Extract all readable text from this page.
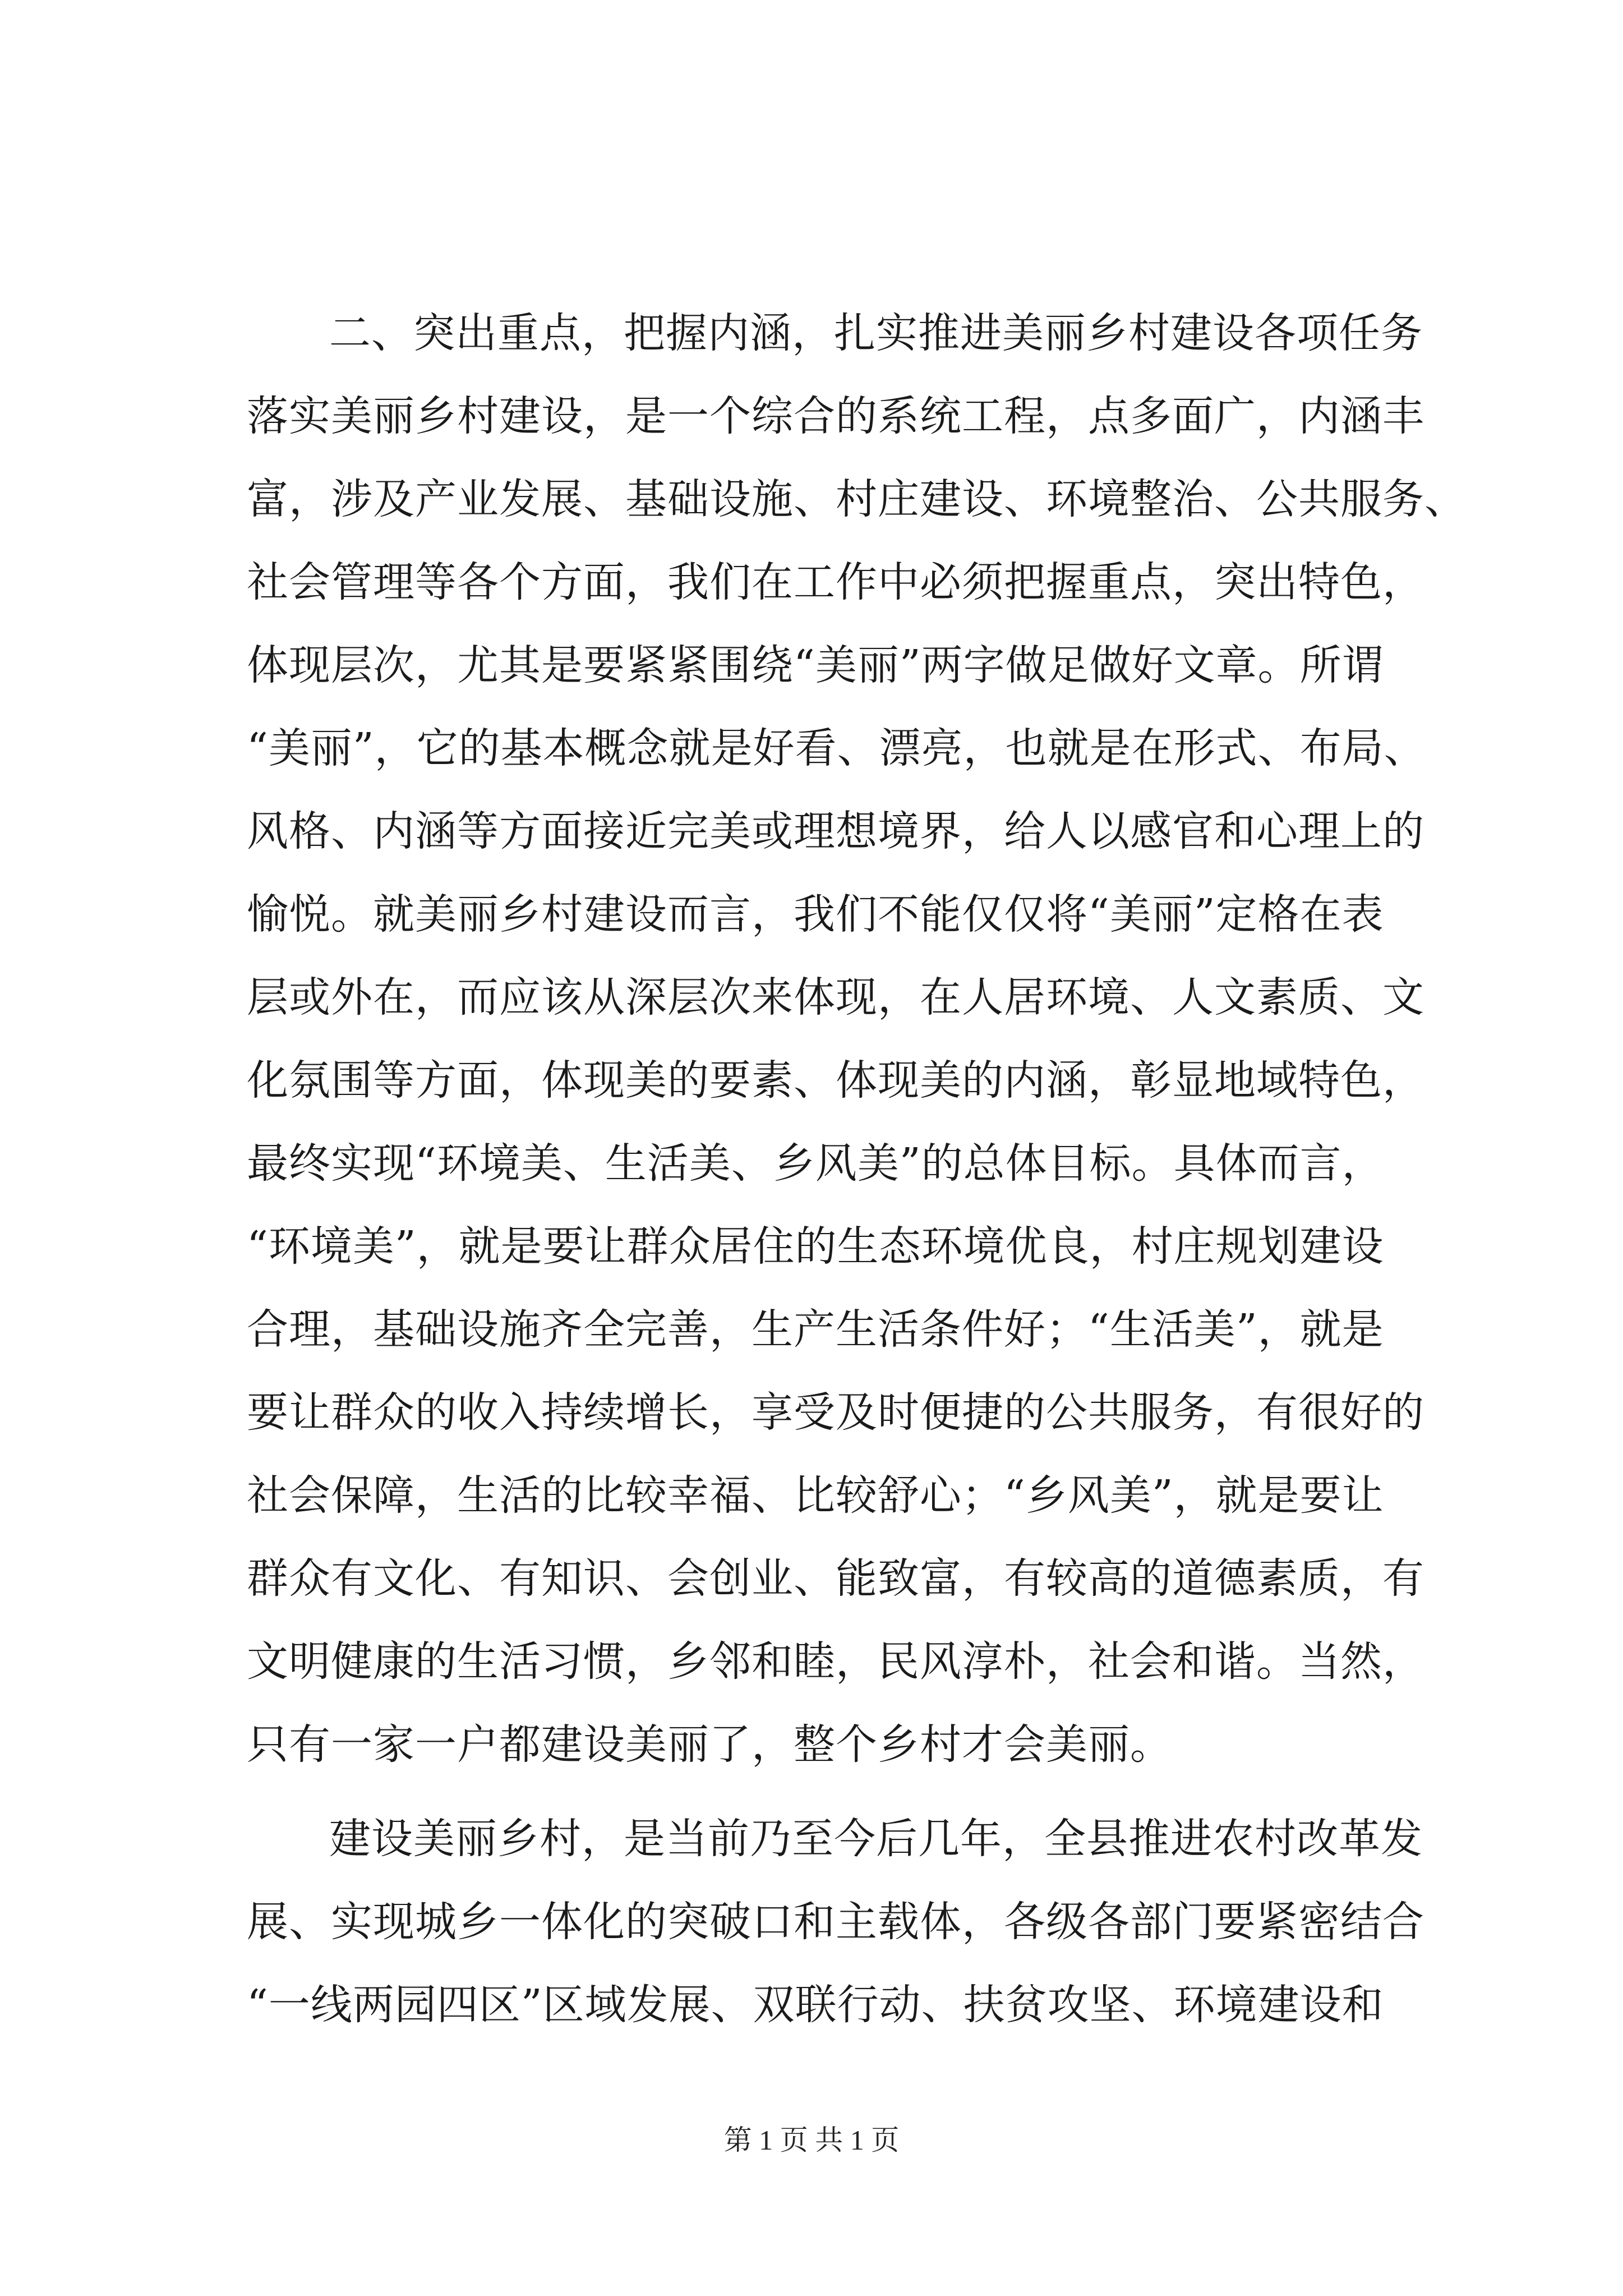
二、突出重点，把握内涵，扎实推进美丽乡村建设各项任务
落实美丽乡村建设，是一个综合的系统工程，点多面广，内涵丰
富，涉及产业发展、基础设施、村庄建设、环境整治、公共服务、
社会管理等各个方面，我们在工作中必须把握重点，突出特色，
体现层次，尤其是要紧紧围绕“美丽”两字做足做好文章。所谓
“美丽”，它的基本概念就是好看、漂亮，也就是在形式、布局、
风格、内涵等方面接近完美或理想境界，给人以感官和心理上的
愉悦。就美丽乡村建设而言，我们不能仅仅将“美丽”定格在表
层或外在，而应该从深层次来体现，在人居环境、人文素质、文
化氛围等方面，体现美的要素、体现美的内涵，彰显地域特色，
最终实现“环境美、生活美、乡风美”的总体目标。具体而言，
“环境美”，就是要让群众居住的生态环境优良，村庄规划建设
合理，基础设施齐全完善，生产生活条件好；“生活美”，就是
要让群众的收入持续增长，享受及时便捷的公共服务，有很好的
社会保障，生活的比较幸福、比较舒心；“乡风美”，就是要让
群众有文化、有知识、会创业、能致富，有较高的道德素质，有
文明健康的生活习惯，乡邻和睦，民风淳朴，社会和谐。当然，
只有一家一户都建设美丽了，整个乡村才会美丽。
建设美丽乡村，是当前乃至今后几年，全县推进农村改革发
展、实现城乡一体化的突破口和主载体，各级各部门要紧密结合
“一线两园四区”区域发展、双联行动、扶贫攻坚、环境建设和
第 1 页 共 1 页
